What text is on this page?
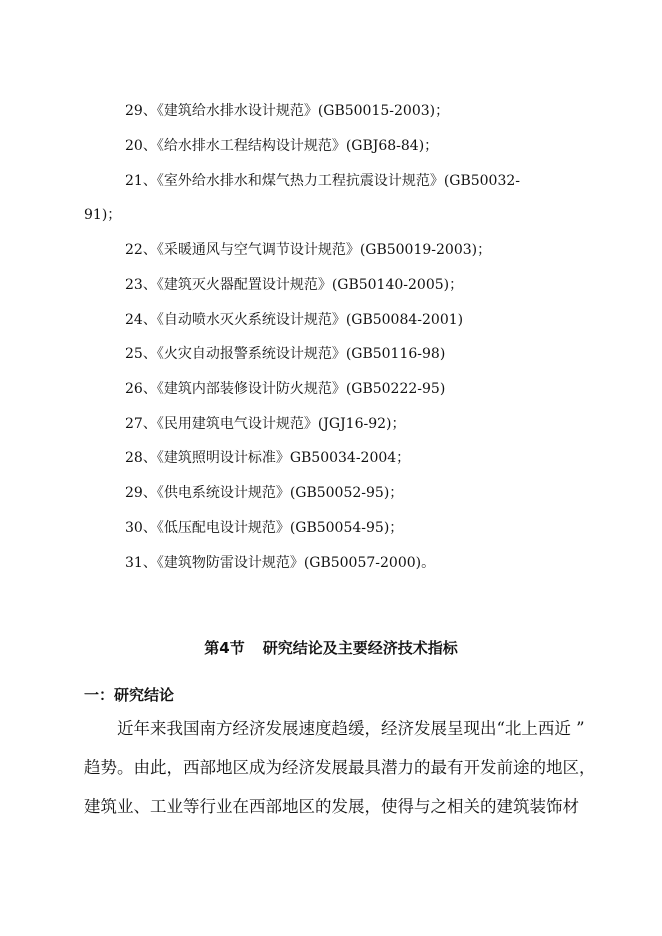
29、《建筑给水排水设计规范》(GB50015-2003)；
20、《给水排水工程结构设计规范》(GBJ68-84)；
21、《室外给水排水和煤气热力工程抗震设计规范》(GB50032-
91)；
22、《采暖通风与空气调节设计规范》(GB50019-2003)；
23、《建筑灭火器配置设计规范》(GB50140-2005)；
24、《自动喷水灭火系统设计规范》(GB50084-2001)
25、《火灾自动报警系统设计规范》(GB50116-98)
26、《建筑内部装修设计防火规范》(GB50222-95)
27、《民用建筑电气设计规范》(JGJ16-92)；
28、《建筑照明设计标准》GB50034-2004；
29、《供电系统设计规范》(GB50052-95)；
30、《低压配电设计规范》(GB50054-95)；
31、《建筑物防雷设计规范》(GB50057-2000)。
第4节 研究结论及主要经济技术指标
一：研究结论
近年来我国南方经济发展速度趋缓，经济发展呈现出“北上西近 ”
趋势。由此，西部地区成为经济发展最具潜力的最有开发前途的地区，
建筑业、工业等行业在西部地区的发展，使得与之相关的建筑装饰材
